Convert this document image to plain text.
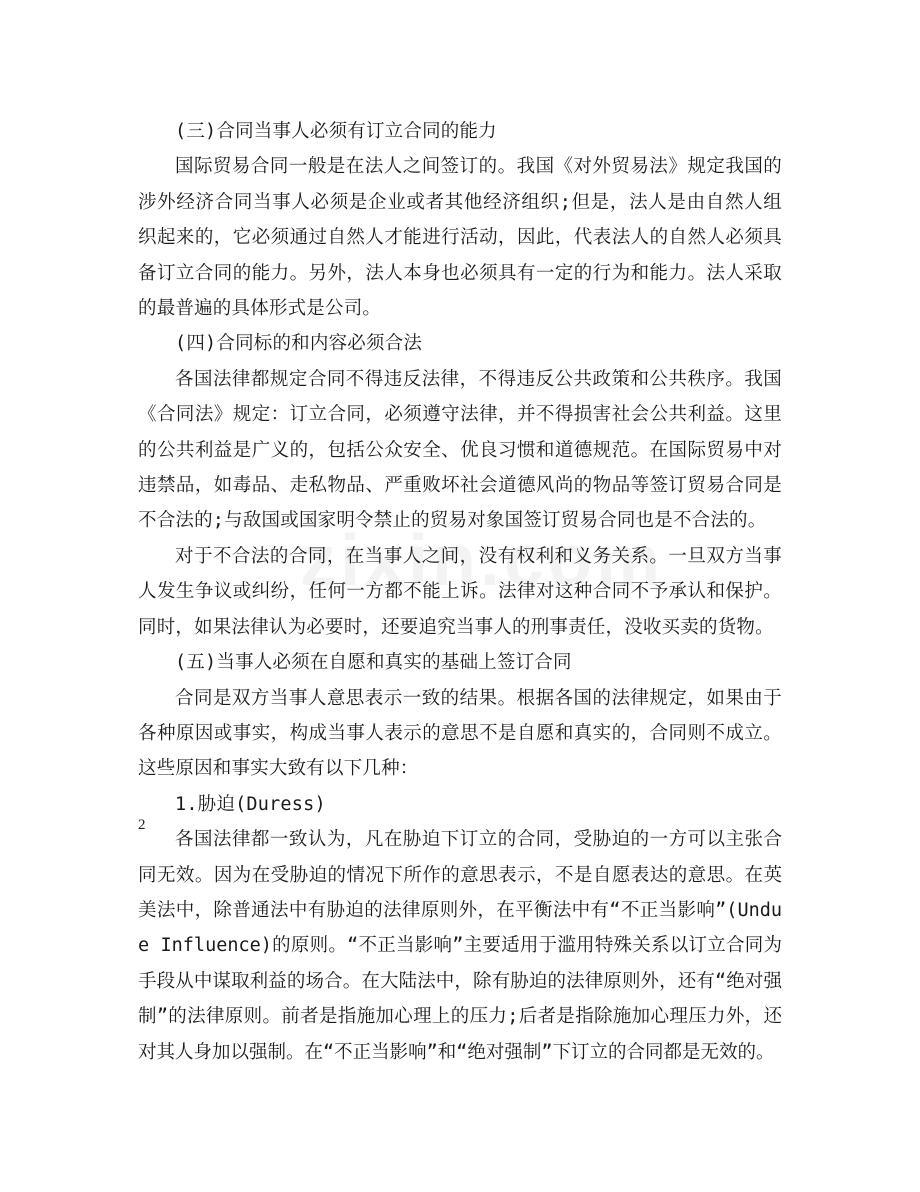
(三)合同当事人必须有订立合同的能力

国际贸易合同一般是在法人之间签订的。我国《对外贸易法》规定我国的涉外经济合同当事人必须是企业或者其他经济组织;但是，法人是由自然人组织起来的，它必须通过自然人才能进行活动，因此，代表法人的自然人必须具备订立合同的能力。另外，法人本身也必须具有一定的行为和能力。法人采取的最普遍的具体形式是公司。

(四)合同标的和内容必须合法

各国法律都规定合同不得违反法律，不得违反公共政策和公共秩序。我国《合同法》规定：订立合同，必须遵守法律，并不得损害社会公共利益。这里的公共利益是广义的，包括公众安全、优良习惯和道德规范。在国际贸易中对违禁品，如毒品、走私物品、严重败坏社会道德风尚的物品等签订贸易合同是不合法的;与敌国或国家明令禁止的贸易对象国签订贸易合同也是不合法的。

对于不合法的合同，在当事人之间，没有权利和义务关系。一旦双方当事人发生争议或纠纷，任何一方都不能上诉。法律对这种合同不予承认和保护。同时，如果法律认为必要时，还要追究当事人的刑事责任，没收买卖的货物。

(五)当事人必须在自愿和真实的基础上签订合同

合同是双方当事人意思表示一致的结果。根据各国的法律规定，如果由于各种原因或事实，构成当事人表示的意思不是自愿和真实的，合同则不成立。这些原因和事实大致有以下几种：

1.胁迫(Duress)

各国法律都一致认为，凡在胁迫下订立的合同，受胁迫的一方可以主张合同无效。因为在受胁迫的情况下所作的意思表示，不是自愿表达的意思。在英美法中，除普通法中有胁迫的法律原则外，在平衡法中有“不正当影响”(Undue Influence)的原则。“不正当影响”主要适用于滥用特殊关系以订立合同为手段从中谋取利益的场合。在大陆法中，除有胁迫的法律原则外，还有“绝对强制”的法律原则。前者是指施加心理上的压力;后者是指除施加心理压力外，还对其人身加以强制。在“不正当影响”和“绝对强制”下订立的合同都是无效的。

2
